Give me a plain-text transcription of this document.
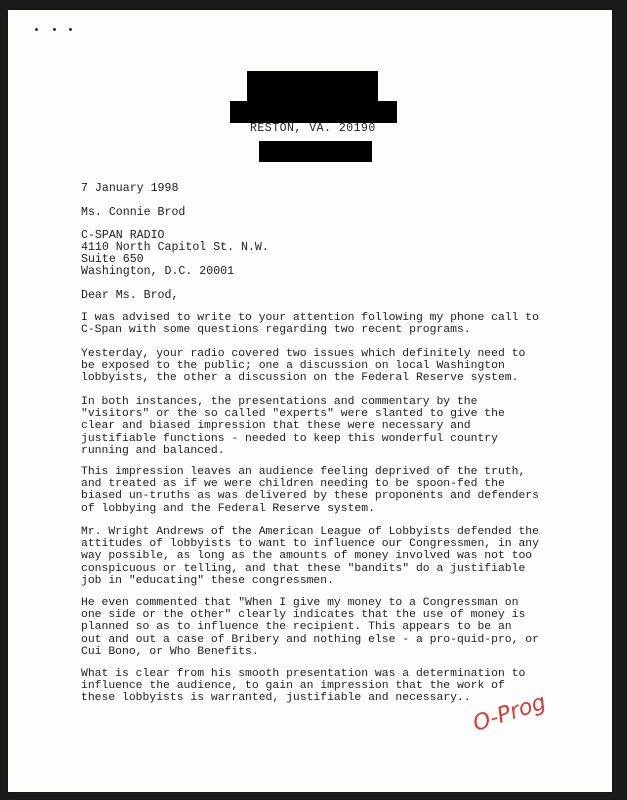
RESTON, VA. 20190
7 January 1998
Ms. Connie Brod
C-SPAN RADIO
4110 North Capitol St. N.W.
Suite 650
Washington, D.C. 20001
Dear Ms. Brod,
I was advised to write to your attention following my phone call to
C-Span with some questions regarding two recent programs.
Yesterday, your radio covered two issues which definitely need to
be exposed to the public; one a discussion on local Washington
lobbyists, the other a discussion on the Federal Reserve system.
In both instances, the presentations and commentary by the
"visitors" or the so called "experts" were slanted to give the
clear and biased impression that these were necessary and
justifiable functions - needed to keep this wonderful country
running and balanced.
This impression leaves an audience feeling deprived of the truth,
and treated as if we were children needing to be spoon-fed the
biased un-truths as was delivered by these proponents and defenders
of lobbying and the Federal Reserve system.
Mr. Wright Andrews of the American League of Lobbyists defended the
attitudes of lobbyists to want to influence our Congressmen, in any
way possible, as long as the amounts of money involved was not too
conspicuous or telling, and that these "bandits" do a justifiable
job in "educating" these congressmen.
He even commented that "When I give my money to a Congressman on
one side or the other" clearly indicates that the use of money is
planned so as to influence the recipient. This appears to be an
out and out a case of Bribery and nothing else - a pro-quid-pro, or
Cui Bono, or Who Benefits.
What is clear from his smooth presentation was a determination to
influence the audience, to gain an impression that the work of
these lobbyists is warranted, justifiable and necessary.. O-Prog
